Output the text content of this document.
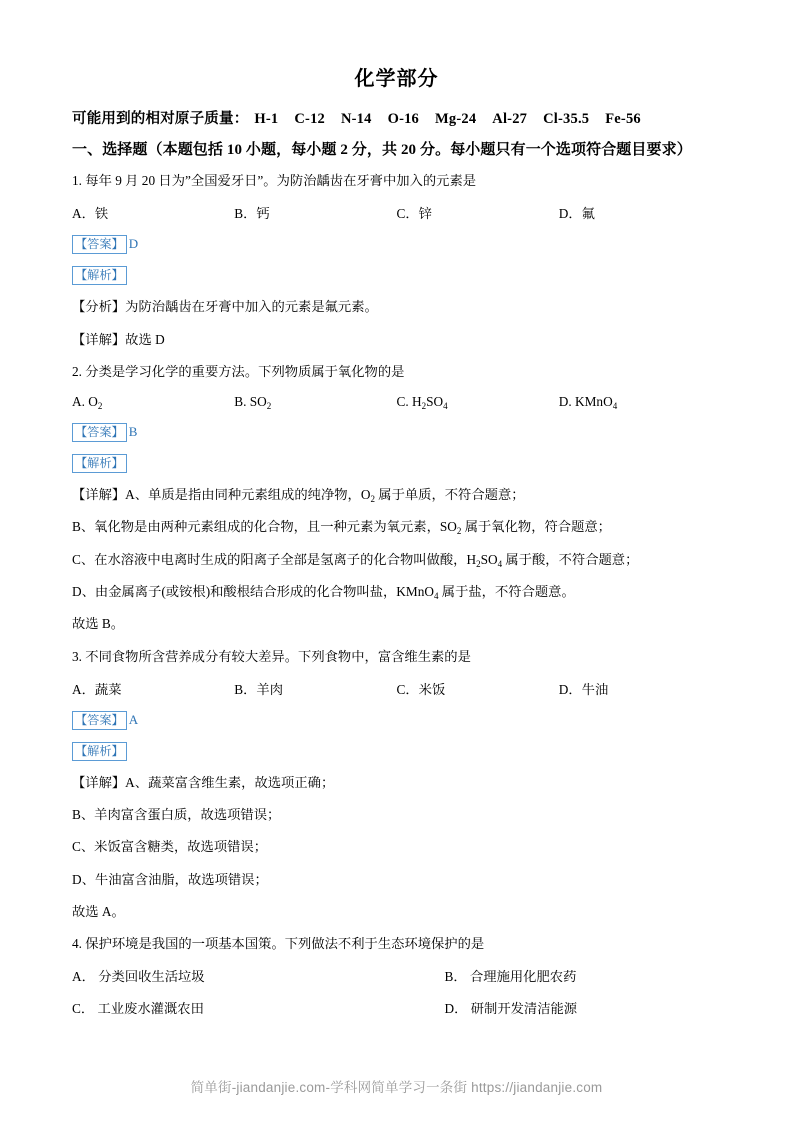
化学部分
可能用到的相对原子质量： H-1 C-12 N-14 O-16 Mg-24 Al-27 Cl-35.5 Fe-56
一、选择题（本题包括 10 小题，每小题 2 分，共 20 分。每小题只有一个选项符合题目要求）
1. 每年 9 月 20 日为”全国爱牙日”。为防治龋齿在牙膏中加入的元素是
A．铁	B．钙	C．锌	D．氟
【答案】 D
【解析】
【分析】为防治龋齿在牙膏中加入的元素是氟元素。
【详解】故选 D
2. 分类是学习化学的重要方法。下列物质属于氧化物的是
A. $O_2$	B. $SO_2$	C. $H_2SO_4$	D. KMnO$_4$
【答案】 B
【解析】
【详解】A、单质是指由同种元素组成的纯净物，$O_2$ 属于单质，不符合题意；
B、氧化物是由两种元素组成的化合物，且一种元素为氧元素，$SO_2$ 属于氧化物，符合题意；
C、在水溶液中电离时生成的阳离子全部是氢离子的化合物叫做酸，$H_2SO_4$ 属于酸，不符合题意；
D、由金属离子(或铵根)和酸根结合形成的化合物叫盐，KMnO$_4$ 属于盐，不符合题意。
故选 B。
3. 不同食物所含营养成分有较大差异。下列食物中，富含维生素的是
A．蔬菜	B．羊肉	C．米饭	D．牛油
【答案】 A
【解析】
【详解】A、蔬菜富含维生素，故选项正确；
B、羊肉富含蛋白质，故选项错误；
C、米饭富含糖类，故选项错误；
D、牛油富含油脂，故选项错误；
故选 A。
4. 保护环境是我国的一项基本国策。下列做法不利于生态环境保护的是
A． 分类回收生活垃圾	B． 合理施用化肥农药
C． 工业废水灌溉农田	D． 研制开发清洁能源
简单街-jiandanjie.com-学科网简单学习一条街 https://jiandanjie.com
